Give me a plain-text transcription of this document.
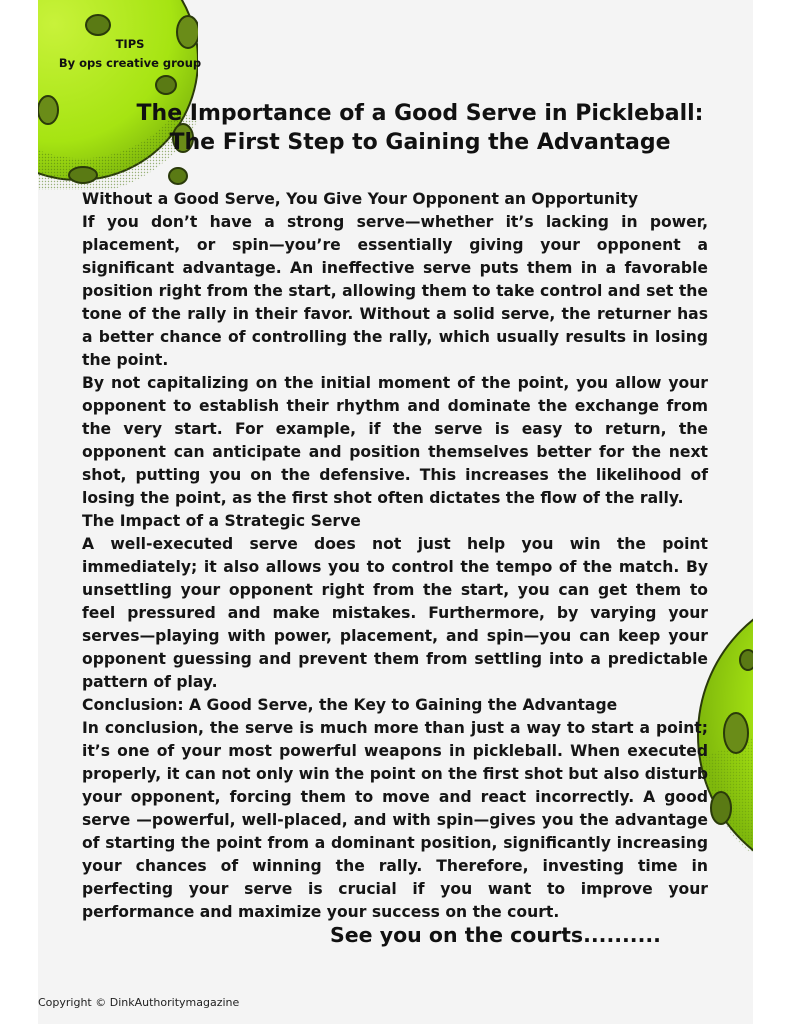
TIPS
By ops creative group
The Importance of a Good Serve in Pickleball:
The First Step to Gaining the Advantage
Without a Good Serve, You Give Your Opponent an Opportunity

If you don’t have a strong serve—whether it’s lacking in power, placement, or spin—you’re essentially giving your opponent a significant advantage. An ineffective serve puts them in a favorable position right from the start, allowing them to take control and set the tone of the rally in their favor. Without a solid serve, the returner has a better chance of controlling the rally, which usually results in losing the point.

By not capitalizing on the initial moment of the point, you allow your opponent to establish their rhythm and dominate the exchange from the very start. For example, if the serve is easy to return, the opponent can anticipate and position themselves better for the next shot, putting you on the defensive. This increases the likelihood of losing the point, as the first shot often dictates the flow of the rally.

The Impact of a Strategic Serve

A well-executed serve does not just help you win the point immediately; it also allows you to control the tempo of the match. By unsettling your opponent right from the start, you can get them to feel pressured and make mistakes. Furthermore, by varying your serves—playing with power, placement, and spin—you can keep your opponent guessing and prevent them from settling into a predictable pattern of play.

Conclusion: A Good Serve, the Key to Gaining the Advantage

In conclusion, the serve is much more than just a way to start a point; it’s one of your most powerful weapons in pickleball. When executed properly, it can not only win the point on the first shot but also disturb your opponent, forcing them to move and react incorrectly. A good serve —powerful, well-placed, and with spin—gives you the advantage of starting the point from a dominant position, significantly increasing your chances of winning the rally. Therefore, investing time in perfecting your serve is crucial if you want to improve your performance and maximize your success on the court.

See you on the courts..........
Copyright © DinkAuthoritymagazine
